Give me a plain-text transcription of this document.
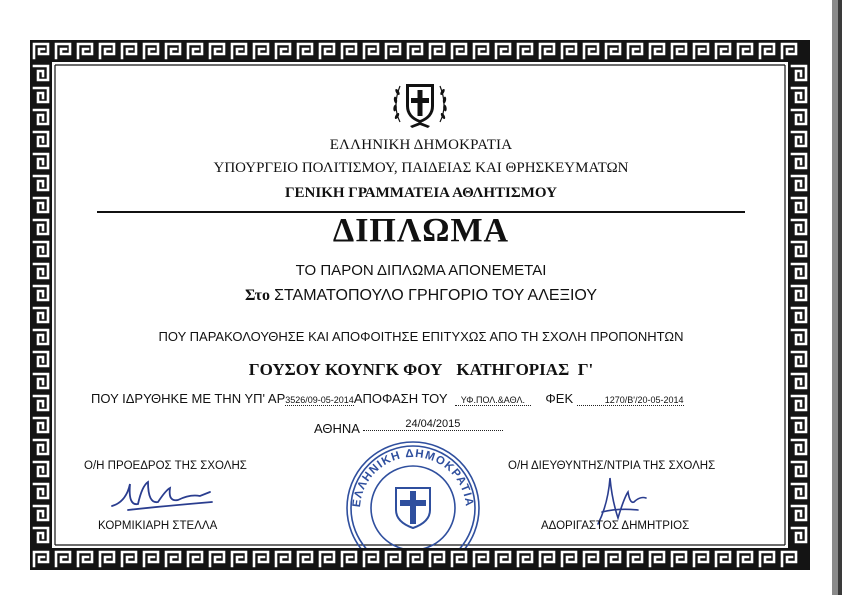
ΕΛΛΗΝΙΚΗ ΔΗΜΟΚΡΑΤΙΑ
ΥΠΟΥΡΓΕΙΟ ΠΟΛΙΤΙΣΜΟΥ, ΠΑΙΔΕΙΑΣ ΚΑΙ ΘΡΗΣΚΕΥΜΑΤΩΝ
ΓΕΝΙΚΗ ΓΡΑΜΜΑΤΕΙΑ ΑΘΛΗΤΙΣΜΟΥ
ΔΙΠΛΩΜΑ
ΤΟ ΠΑΡΟΝ ΔΙΠΛΩΜΑ ΑΠΟΝΕΜΕΤΑΙ
Στο ΣΤΑΜΑΤΟΠΟΥΛΟ ΓΡΗΓΟΡΙΟ ΤΟΥ ΑΛΕΞΙΟΥ
ΠΟΥ ΠΑΡΑΚΟΛΟΥΘΗΣΕ ΚΑΙ ΑΠΟΦΟΙΤΗΣΕ ΕΠΙΤΥΧΩΣ ΑΠΟ ΤΗ ΣΧΟΛΗ ΠΡΟΠΟΝΗΤΩΝ
ΓΟΥΣΟΥ ΚΟΥΝΓΚ ΦΟΥ ΚΑΤΗΓΟΡΙΑΣ Γ'
ΠΟΥ ΙΔΡΥΘΗΚΕ ΜΕ ΤΗΝ ΥΠ' ΑΡ3526/09-05-2014ΑΠΟΦΑΣΗ ΤΟΥ ΥΦ.ΠΟΛ.&ΑΘΛ. ΦΕΚ	1270/Β'/20-05-2014
ΑΘΗΝΑ	24/04/2015
ΕΛΛΗΝΙΚΗ ΔΗΜΟΚΡΑΤΙΑ
Ο/Η ΠΡΟΕΔΡΟΣ ΤΗΣ ΣΧΟΛΗΣ
ΚΟΡΜΙΚΙΑΡΗ ΣΤΕΛΛΑ
Ο/Η ΔΙΕΥΘΥΝΤΗΣ/ΝΤΡΙΑ ΤΗΣ ΣΧΟΛΗΣ
ΑΔΟΡΙΓΑΣΤΟΣ ΔΗΜΗΤΡΙΟΣ
